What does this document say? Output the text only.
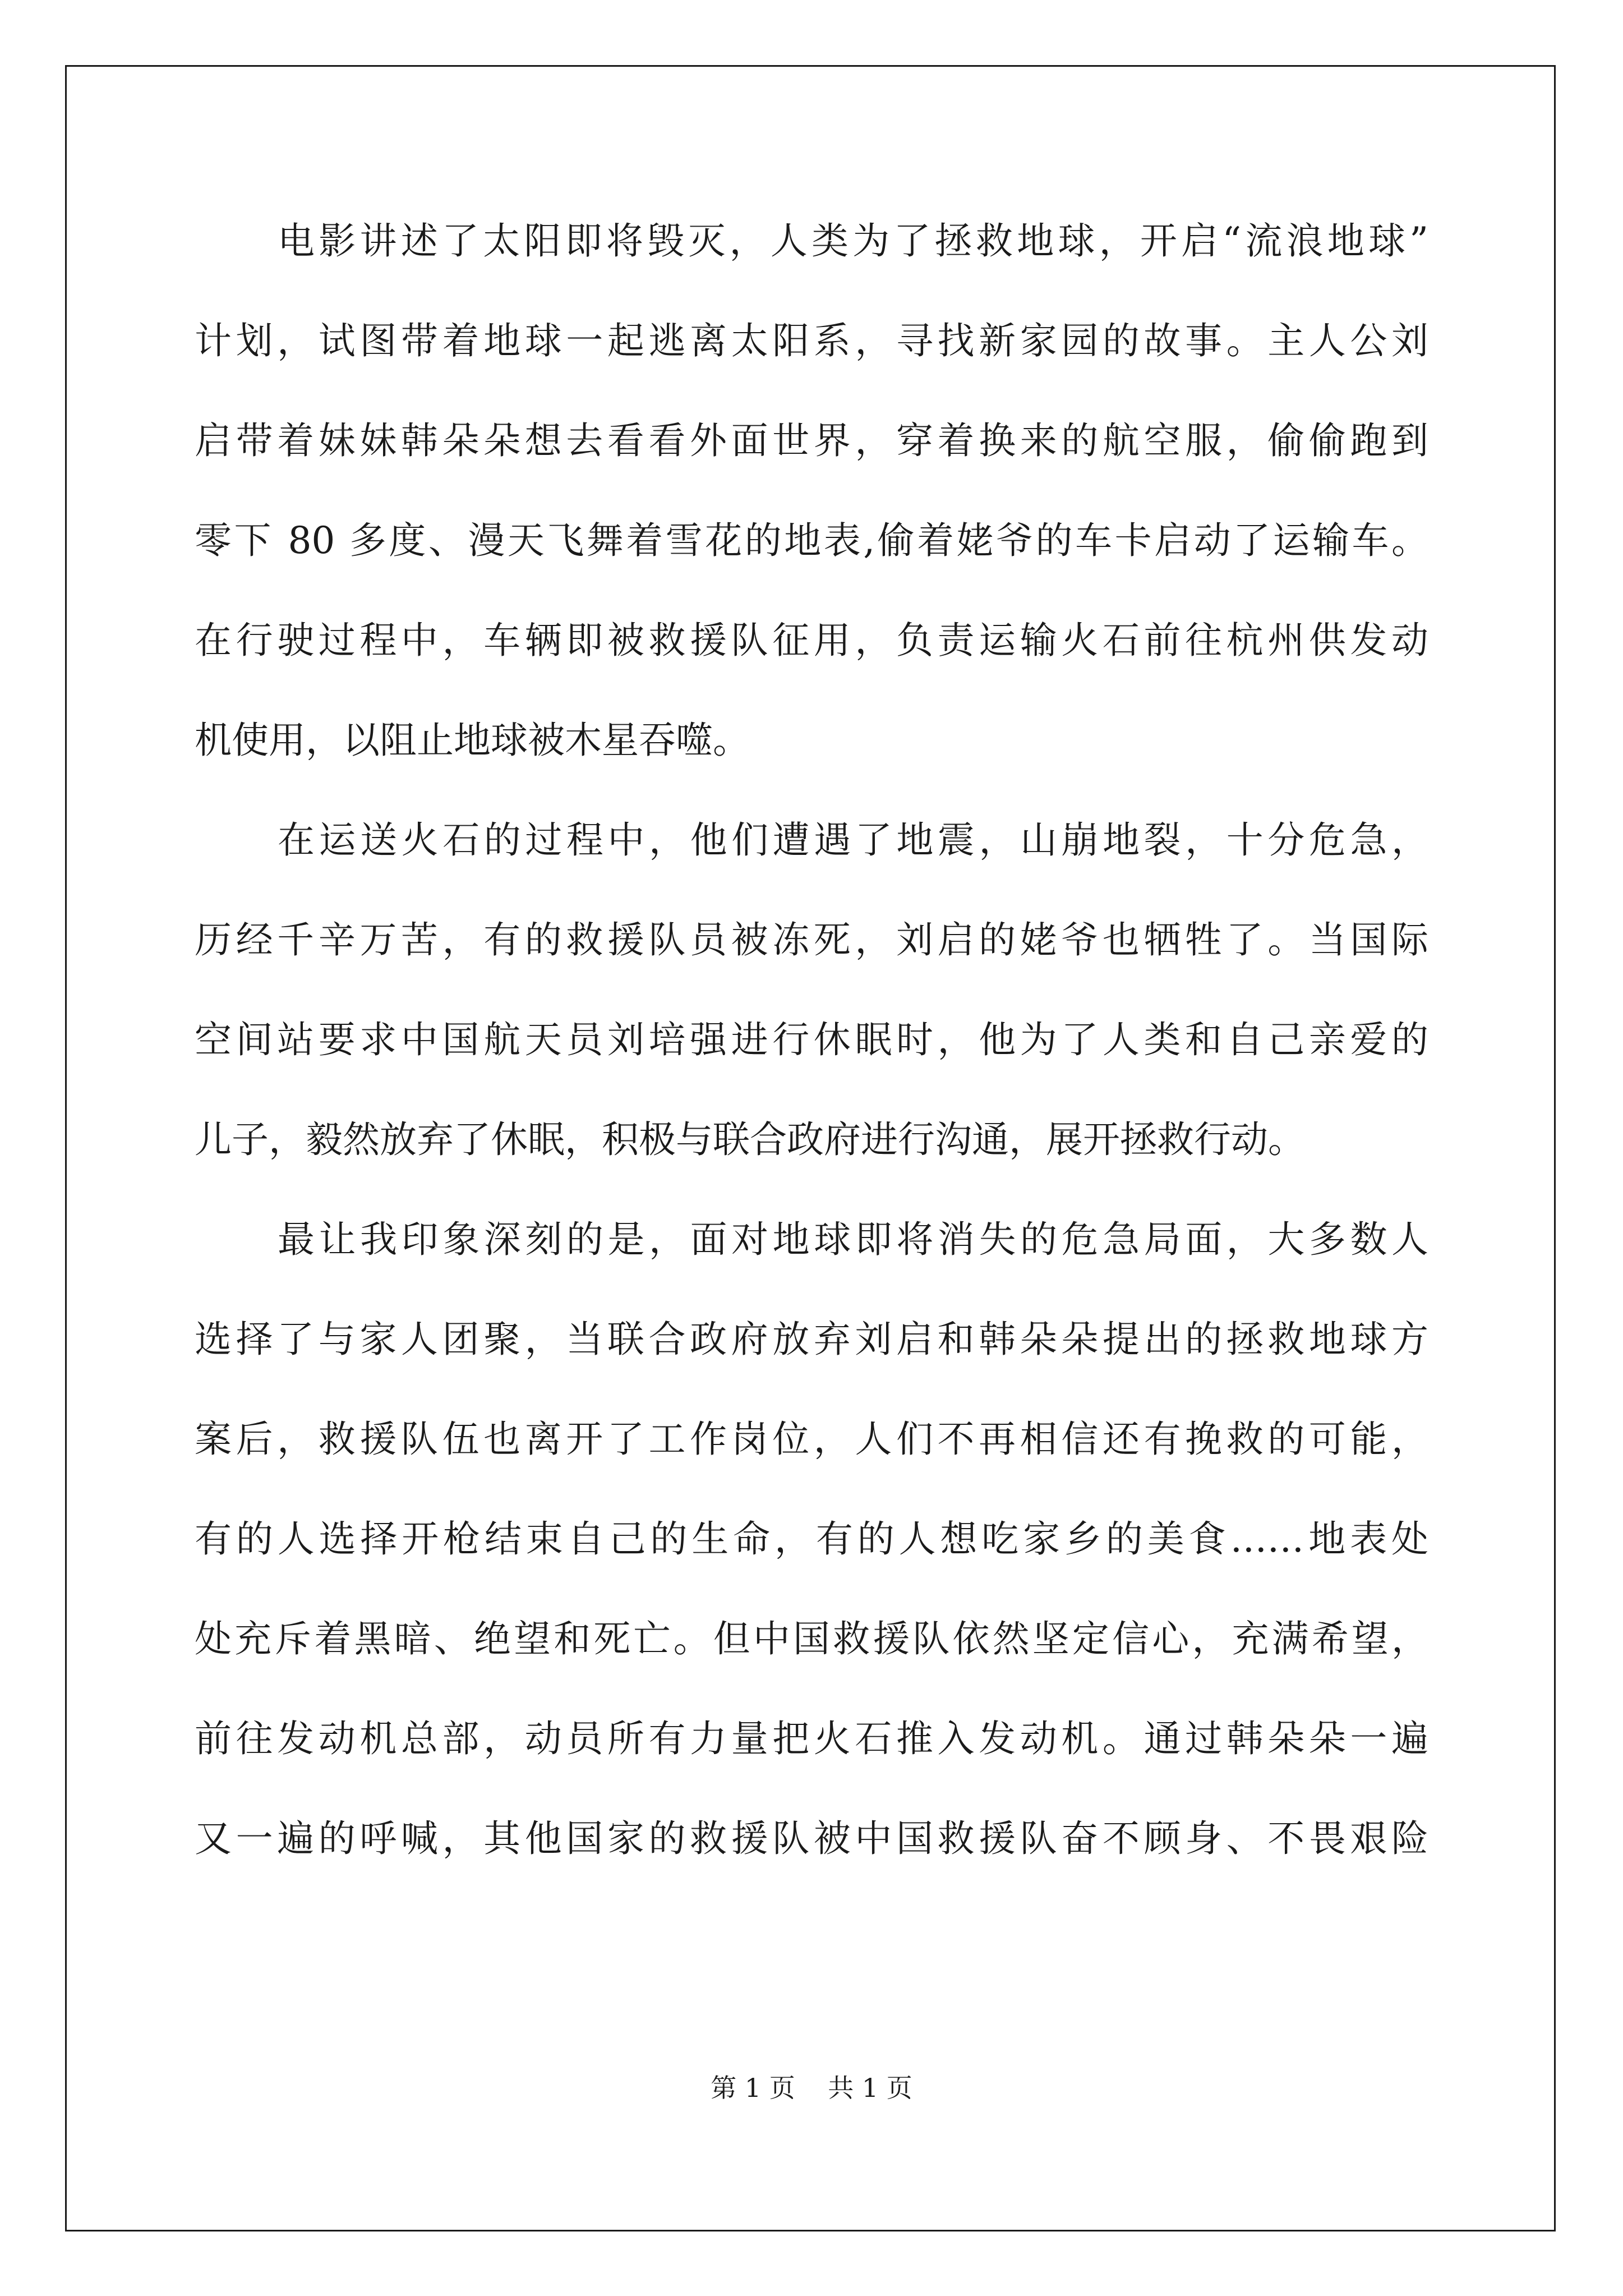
电影讲述了太阳即将毁灭，人类为了拯救地球，开启“流浪地球”
计划，试图带着地球一起逃离太阳系，寻找新家园的故事。主人公刘
启带着妹妹韩朵朵想去看看外面世界，穿着换来的航空服，偷偷跑到
零下 80 多度、漫天飞舞着雪花的地表,偷着姥爷的车卡启动了运输车。
在行驶过程中，车辆即被救援队征用，负责运输火石前往杭州供发动
机使用，以阻止地球被木星吞噬。
在运送火石的过程中，他们遭遇了地震，山崩地裂，十分危急，
历经千辛万苦，有的救援队员被冻死，刘启的姥爷也牺牲了。当国际
空间站要求中国航天员刘培强进行休眠时，他为了人类和自己亲爱的
儿子，毅然放弃了休眠，积极与联合政府进行沟通，展开拯救行动。
最让我印象深刻的是，面对地球即将消失的危急局面，大多数人
选择了与家人团聚，当联合政府放弃刘启和韩朵朵提出的拯救地球方
案后，救援队伍也离开了工作岗位，人们不再相信还有挽救的可能，
有的人选择开枪结束自己的生命，有的人想吃家乡的美食……地表处
处充斥着黑暗、绝望和死亡。但中国救援队依然坚定信心，充满希望，
前往发动机总部，动员所有力量把火石推入发动机。通过韩朵朵一遍
又一遍的呼喊，其他国家的救援队被中国救援队奋不顾身、不畏艰险
第 1 页    共 1 页
